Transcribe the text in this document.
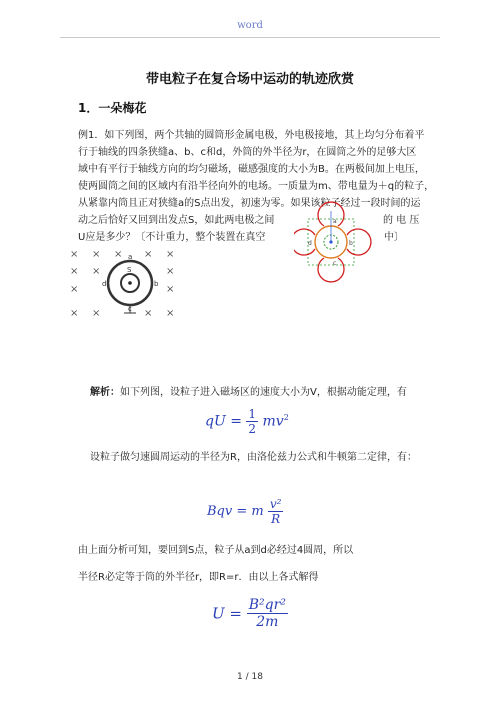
word
带电粒子在复合场中运动的轨迹欣赏
1．一朵梅花
例1．如下列图，两个共轴的圆筒形金属电极，外电极接地，其上均匀分布着平
行于轴线的四条狭缝a、b、c和d，外筒的外半径为r，在圆筒之外的足够大区
域中有平行于轴线方向的均匀磁场，磁感强度的大小为B。在两极间加上电压，
使两圆筒之间的区域内有沿半径向外的电场。一质量为m、带电量为＋q的粒子，
从紧靠内筒且正对狭缝a的S点出发，初速为零。如果该粒子经过一段时间的运
动之后恰好又回到出发点S，如此两电极之间	的 电 压
U应是多少？〔不计重力，整个装置在真空	中〕
× × × × ×
× ×	×
×	×
× ×	× ×
a
S
b
c
d
a
b
c
d
解析：如下列图，设粒子进入磁场区的速度大小为V，根据动能定理，有
qU = $\frac{1}{2} mv^2$
设粒子做匀速圆周运动的半径为R，由洛伦兹力公式和牛顿第二定律，有：
Bqv = m $\frac{\text{v²}}{R}$
由上面分析可知，要回到S点，粒子从a到d必经过4圆周，所以
半径R必定等于筒的外半径r，即R=r．由以上各式解得
$U = \frac{\text{B²qr²}}{2m}$
1 / 18
